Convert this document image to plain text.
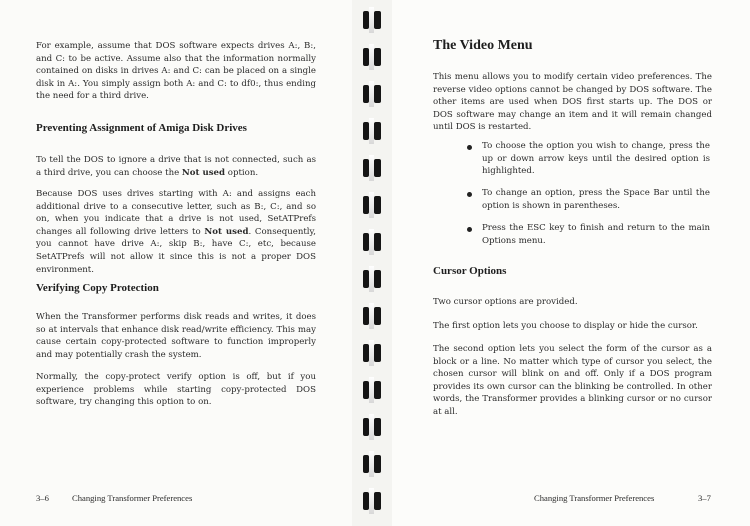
For example, assume that DOS software expects drives A:, B:, and C: to be active. Assume also that the information normally contained on disks in drives A: and C: can be placed on a single disk in A:. You simply assign both A: and C: to df0:, thus ending the need for a third drive.

Preventing Assignment of Amiga Disk Drives

To tell the DOS to ignore a drive that is not connected, such as a third drive, you can choose the Not used option.

Because DOS uses drives starting with A: and assigns each additional drive to a consecutive letter, such as B:, C:, and so on, when you indicate that a drive is not used, SetATPrefs changes all following drive letters to Not used. Consequently, you cannot have drive A:, skip B:, have C:, etc, because SetATPrefs will not allow it since this is not a proper DOS environment.

Verifying Copy Protection

When the Transformer performs disk reads and writes, it does so at intervals that enhance disk read/write efficiency. This may cause certain copy-protected software to function improperly and may potentially crash the system.

Normally, the copy-protect verify option is off, but if you experience problems while starting copy-protected DOS software, try changing this option to on.

3–6	Changing Transformer Preferences
The Video Menu

This menu allows you to modify certain video preferences. The reverse video options cannot be changed by DOS software. The other items are used when DOS first starts up. The DOS or DOS software may change an item and it will remain changed until DOS is restarted.

To choose the option you wish to change, press the up or down arrow keys until the desired option is highlighted.

To change an option, press the Space Bar until the option is shown in parentheses.

Press the ESC key to finish and return to the main Options menu.

Cursor Options

Two cursor options are provided.

The first option lets you choose to display or hide the cursor.

The second option lets you select the form of the cursor as a block or a line. No matter which type of cursor you select, the chosen cursor will blink on and off. Only if a DOS program provides its own cursor can the blinking be controlled. In other words, the Transformer provides a blinking cursor or no cursor at all.

Changing Transformer Preferences	3–7
